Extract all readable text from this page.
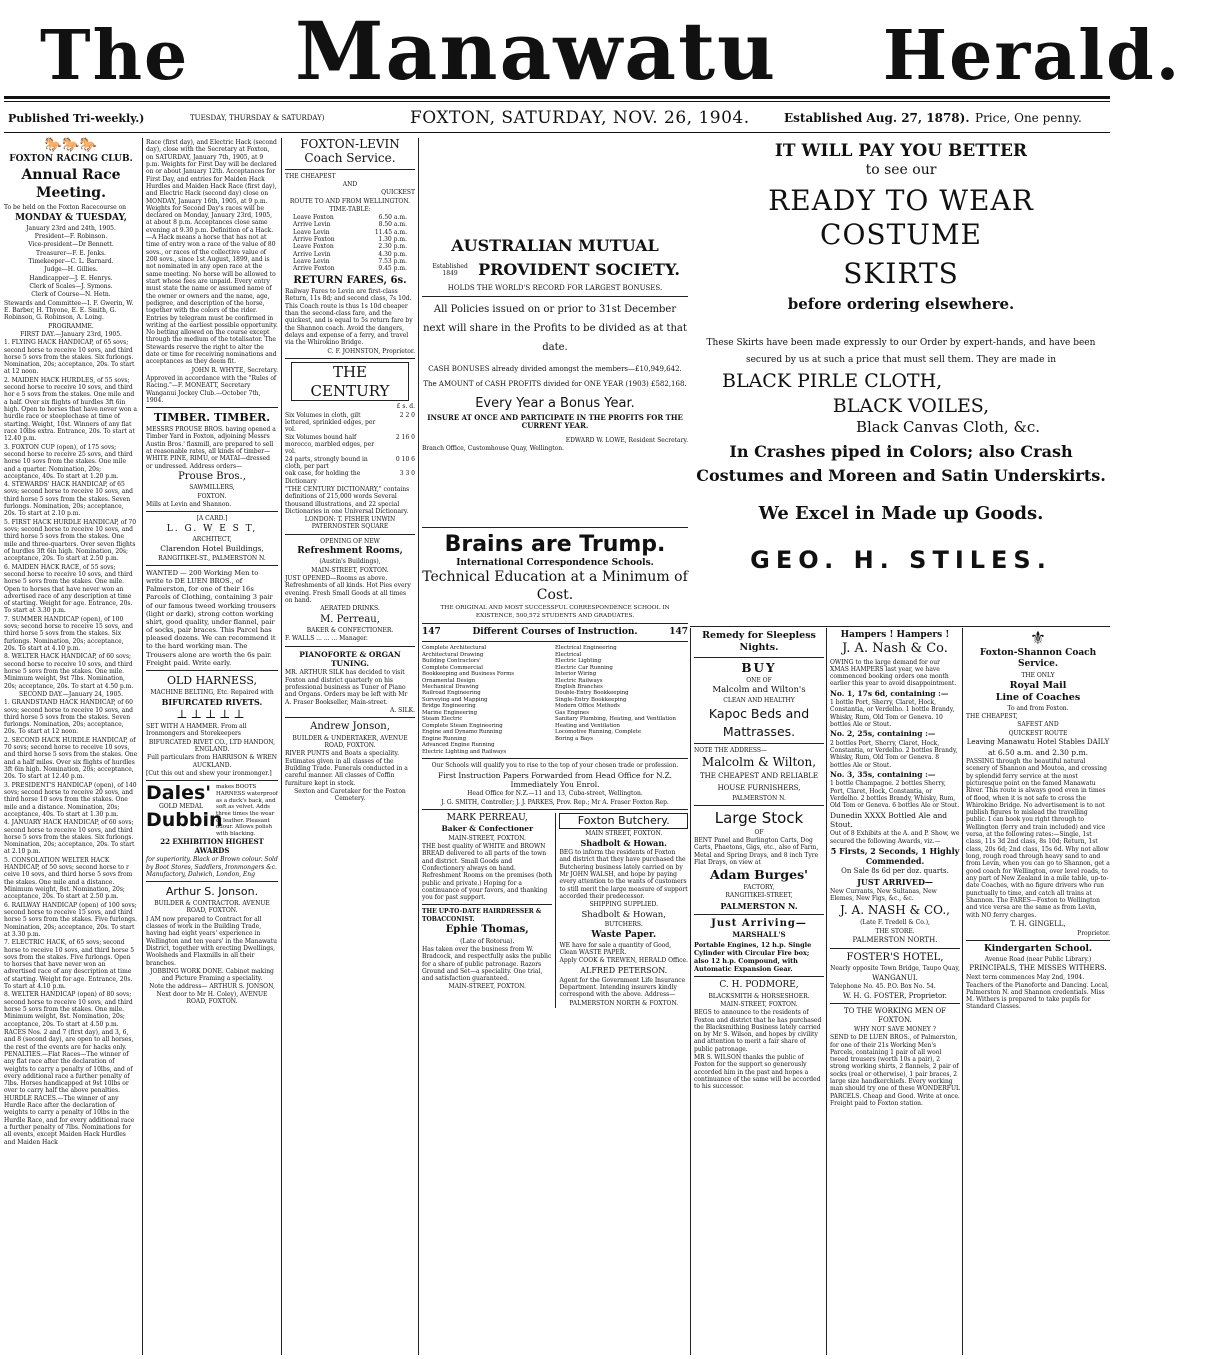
The Manawatu Herald.
Published Tri-weekly.)	TUESDAY, THURSDAY & SATURDAY)	FOXTON, SATURDAY, NOV. 26, 1904.	Established Aug. 27, 1878). Price, One penny.
🐎🐎🐎
FOXTON RACING CLUB.
Annual Race Meeting.

To be held on the Foxton Racecourse on

MONDAY & TUESDAY,

January 23rd and 24th, 1905.

President—F. Robinson.

Vice-president—Dr Bennett.

Treasurer—F. E. Jenks.

Timekeeper—C. L. Barnard.

Judge—H. Gillies.

Handicapper—J. E. Henrys.

Clerk of Scales—J. Symons.

Clerk of Course—N. Hetn.

Stewards and Committee—I. F. Gwerin, W. E. Barber, H. Thyone, E. E. Smith, G. Robinson, G. Robinson, A. Loing.

PROGRAMME.

FIRST DAY.—January 23rd, 1905.

1. FLYING HACK HANDICAP, of 65 sovs; second horse to receive 10 sovs, and third horse 5 sovs from the stakes. Six furlongs. Nomination, 20s; acceptance, 20s. To start at 12 noon.

2. MAIDEN HACK HURDLES, of 55 sovs; second horse to receive 10 sovs, and third hor e 5 sovs from the stakes. One mile and a half. Over six flights of hurdles 3ft 6in high. Open to horses that have never won a hurdle race or steeplechase at time of starting. Weight, 10st. Winners of any flat race 10lbs extra. Entrance, 20s. To start at 12.40 p.m.

3. FOXTON CUP (open), of 175 sovs; second horse to receive 25 sovs, and third horse 10 sovs from the stakes. One mile and a quarter. Nomination, 20s; acceptance, 40s. To start at 1.20 p.m.

4. STEWARDS' HACK HANDICAP, of 65 sovs; second horse to receive 10 sovs, and third horse 5 sovs from the stakes. Seven furlongs. Nomination, 20s; acceptance, 20s. To start at 2.10 p.m.

5. FIRST HACK HURDLE HANDICAP, of 70 sovs; second horse to receive 10 sovs, and third horse 5 sovs from the stakes. One mile and three-quarters. Over seven flights of hurdles 3ft 6in high. Nomination, 20s; acceptance, 20s. To start at 2.50 p.m.

6. MAIDEN HACK RACE, of 55 sovs; second horse to receive 10 sovs, and third horse 5 sovs from the stakes. One mile. Open to horses that have never won an advertised race of any description at time of starting. Weight for age. Entrance, 20s. To start at 3.30 p.m.

7. SUMMER HANDICAP (open), of 100 sovs; second horse to receive 15 sovs, and third horse 5 sovs from the stakes. Six furlongs. Nomination, 20s; acceptance, 20s. To start at 4.10 p.m.

8. WELTER HACK HANDICAP, of 60 sovs; second horse to receive 10 sovs, and third horse 5 sovs from the stakes. One mile. Minimum weight, 9st 7lbs. Nomination, 20s; acceptance, 20s. To start at 4.50 p.m.

SECOND DAY.—January 24, 1905.

1. GRANDSTAND HACK HANDICAP, of 60 sovs; second horse to receive 10 sovs, and third horse 5 sovs from the stakes. Seven furlongs. Nomination, 20s; acceptance, 20s. To start at 12 noon.

2. SECOND HACK HURDLE HANDICAP, of 70 sovs; second horse to receive 10 sovs, and third horse 5 sovs from the stakes. One and a half miles. Over six flights of hurdles 3ft 6in high. Nomination, 20s; acceptance, 20s. To start at 12.40 p.m.

3. PRESIDENT'S HANDICAP (open), of 140 sovs; second horse to receive 20 sovs, and third horse 10 sovs from the stakes. One mile and a distance. Nomination, 20s; acceptance, 40s. To start at 1.30 p.m.

4. JANUARY HACK HANDICAP, of 60 sovs; second horse to receive 10 sovs, and third horse 5 sovs from the stakes. Six furlongs. Nomination, 20s; acceptance, 20s. To start at 2.10 p.m.

5. CONSOLATION WELTER HACK HANDICAP, of 50 sovs; second horse to r ceive 10 sovs, and third horse 5 sovs from the stakes. One mile and a distance. Minimum weight, 8st. Nomination, 20s; acceptance, 20s. To start at 2.50 p.m.

6. RAILWAY HANDICAP (open) of 100 sovs; second horse to receive 15 sovs, and third horse 5 sovs from the stakes. Five furlongs. Nomination, 20s; acceptance, 20s. To start at 3.30 p.m.

7. ELECTRIC HACK, of 65 sovs; second horse to receive 10 sovs, and third horse 5 sovs from the stakes. Five furlongs. Open to horses that have never won an advertised race of any description at time of starting. Weight for age. Entrance, 20s. To start at 4.10 p.m.

8. WELTER HANDICAP (open) of 80 sovs; second horse to receive 10 sovs, and third horse 5 sovs from the stakes. One mile. Minimum weight, 8st. Nomination, 20s; acceptance, 20s. To start at 4.50 p.m.

RACES Nos. 2 and 7 (first day), and 3, 6, and 8 (second day), are open to all horses, the rest of the events are for hacks only. PENALTIES.—Flat Races—The winner of any flat race after the declaration of weights to carry a penalty of 10lbs, and of every additional race a further penalty of 7lbs. Horses handicapped at 9st 10lbs or over to carry half the above penalties. HURDLE RACES.—The winner of any Hurdle Race after the declaration of weights to carry a penalty of 10lbs in the Hurdle Race, and for every additional race a further penalty of 7lbs. Nominations for all events, except Maiden Hack Hurdles and Maiden Hack

Race (first day), and Electric Hack (second day), close with the Secretary at Foxton, on SATURDAY, January 7th, 1905, at 9 p.m. Weights for First Day will be declared on or about January 12th. Acceptances for First Day, and entries for Maiden Hack Hurdles and Maiden Hack Race (first day), and Electric Hack (second day) close on MONDAY, January 16th, 1905, at 9 p.m. Weights for Second Day's races will be declared on Monday, January 23rd, 1905, at about 8 p.m. Acceptances close same evening at 9.30 p.m. Definition of a Hack.—A Hack means a horse that has not at time of entry won a race of the value of 80 sovs., or races of the collective value of 200 sovs., since 1st August, 1899, and is not nominated in any open race at the same meeting. No horse will be allowed to start whose fees are unpaid. Every entry must state the name or assumed name of the owner or owners and the name, age, pedigree, and description of the horse, together with the colors of the rider. Entries by telegram must be confirmed in writing at the earliest possible opportunity. No betting allowed on the course except through the medium of the totalisator. The Stewards reserve the right to alter the date or time for receiving nominations and acceptances as they deem fit.

JOHN R. WHYTE, Secretary.

Approved in accordance with the "Rules of Racing."—F. MONEATT, Secretary Wanganui Jockey Club.—October 7th, 1904.

TIMBER. TIMBER.

MESSRS PROUSE BROS. having opened a Timber Yard in Foxton, adjoining Messrs Austin Bros.' flaxmill, are prepared to sell at reasonable rates, all kinds of timber—WHITE PINE, RIMU, or MATAI—dressed or undressed. Address orders—

Prouse Bros.,

SAWMILLERS,

FOXTON.

Mills at Levin and Shannon.

[A CARD.]

L. G. W E S T,

ARCHITECT,

Clarendon Hotel Buildings,

RANGITIKEI-ST., PALMERSTON N.

WANTED — 200 Working Men to write to DE LUEN BROS., of Palmerston, for one of their 16s Parcels of Clothing, containing 3 pair of our famous tweed working trousers (light or dark), strong cotton working shirt, good quality, under flannel, pair of socks, pair braces. This Parcel has pleased dozens. We can recommend it to the hard working man. The Trousers alone are worth the 6s pair. Freight paid. Write early.

OLD HARNESS,

MACHINE BELTING, Etc. Repaired with

BIFURCATED RIVETS.
⊥⊥⊥⊥⊥

SET WITH A HAMMER. From all Ironmongers and Storekeepers

BIFURCATED RIVET CO., LTD HANDON, ENGLAND.

Full particulars from HARRISON & WREN AUCKLAND.

[Cut this out and shew your ironmonger.]

Dales'
GOLD MEDAL
Dubbin
makes BOOTS HARNESS waterproof as a duck's back, and soft as velvet. Adds three times the wear of leather. Pleasant odour. Allows polish with blacking.
22 EXHIBITION HIGHEST AWARDS

for superiority. Black or Brown colour. Sold by Boot Stores, Saddlers, Ironmongers &c. Manufactory, Dalwich, London, Eng

Arthur S. Jonson.

BUILDER & CONTRACTOR. AVENUE ROAD, FOXTON.

I AM now prepared to Contract for all classes of work in the Building Trade, having had eight years' experience in Wellington and ten years' in the Manawatu District, together with erecting Dwellings, Woolsheds and Flaxmills in all their branches.

JOBBING WORK DONE. Cabinet making and Picture Framing a speciality.

Note the address— ARTHUR S. JONSON, Next door to Mr H. Coley), AVENUE ROAD, FOXTON.

FOXTON-LEVIN Coach Service.

THE CHEAPEST

AND

QUICKEST

ROUTE TO AND FROM WELLINGTON.

TIME-TABLE:

Leave Foxton	6.50 a.m.
Arrive Levin	8.50 a.m.
Leave Levin	11.45 a.m.
Arrive Foxton	1.30 p.m.
Leave Foxton	2.30 p.m.
Arrive Levin	4.30 p.m.
Leave Levin	7.53 p.m.
Arrive Foxton	9.45 p.m.
RETURN FARES, 6s.

Railway Fares to Levin are first-class Return, 11s 8d; and second class, 7s 10d. This Coach route is thus 1s 10d cheaper than the second-class fare, and the quickest, and is equal to 5s return fare by the Shannon coach. Avoid the dangers, delays and expense of a ferry, and travel via the Whirokino Bridge.

C. F. JOHNSTON, Proprietor.

THE CENTURY

£ s. d.

Six Volumes in cloth, gilt lettered, sprinkled edges, per vol.
2 2 0
Six Volumes bound half morocco, marbled edges, per vol.
2 16 0
24 parts, strongly bound in cloth, per part
0 10 6
oak case, for holding the Dictionary
3 3 0

"THE CENTURY DICTIONARY," contains definitions of 215,000 words Several thousand illustrations, and 22 special Dictionaries in one Universal Dictionary.

LONDON: T. FISHER UNWIN PATERNOSTER SQUARE

OPENING OF NEW

Refreshment Rooms,

(Austin's Buildings),

MAIN-STREET, FOXTON.

JUST OPENED—Rooms as above. Refreshments of all kinds. Hot Pies every evening. Fresh Small Goods at all times on hand.

AERATED DRINKS.

M. Perreau,

BAKER & CONFECTIONER.

F. WALLS ... ... ... Manager.

PIANOFORTE & ORGAN TUNING.

MR. ARTHUR SILK has decided to visit Foxton and district quarterly on his professional business as Tuner of Piano and Organs. Orders may be left with Mr A. Fraser Bookseller, Main-street.

A. SILK.

Andrew Jonson,

BUILDER & UNDERTAKER, AVENUE ROAD, FOXTON.

RIVER PUNTS and Boats a speciality. Estimates given in all classes of the Building Trade. Funerals conducted in a careful manner. All classes of Coffin furniture kept in stock.

Sexton and Caretaker for the Foxton Cemetery.

AUSTRALIAN MUTUAL
Established 1849	PROVIDENT SOCIETY.

HOLDS THE WORLD'S RECORD FOR LARGEST BONUSES.

All Policies issued on or prior to 31st December next will share in the Profits to be divided as at that date.

CASH BONUSES already divided amongst the members—£10,949,642.

The AMOUNT of CASH PROFITS divided for ONE YEAR (1903) £582,168.

Every Year a Bonus Year.

INSURE AT ONCE AND PARTICIPATE IN THE PROFITS FOR THE CURRENT YEAR.

EDWARD W. LOWE, Resident Secretary.

Branch Office, Customhouse Quay, Wellington.

Brains are Trump.
International Correspondence Schools.
Technical Education at a Minimum of Cost.

THE ORIGINAL AND MOST SUCCESSFUL CORRESPONDENCE SCHOOL IN EXISTENCE, 500,572 STUDENTS AND GRADUATES.

147	Different Courses of Instruction.	147
Complete Architectural
Architectural Drawing
Building Contractors'
Complete Commercial
Bookkeeping and Business Forms
Ornamental Design
Mechanical Drawing
Railroad Engineering
Surveying and Mapping
Bridge Engineering
Marine Engineering
Steam Electric
Complete Steam Engineering
Engine and Dynamo Running
Engine Running
Advanced Engine Running
Electric Lighting and Railways
Electrical Engineering
Electrical
Electric Lighting
Electric Car Running
Interior Wiring
Electric Railways
English Branches
Double-Entry Bookkeeping
Single-Entry Bookkeeping
Modern Office Methods
Gas Engines
Sanitary Plumbing, Heating, and Ventilation
Heating and Ventilation
Locomotive Running, Complete
Boring a Bays

Our Schools will qualify you to rise to the top of your chosen trade or profession.

First Instruction Papers Forwarded from Head Office for N.Z. Immediately You Enrol.

Head Office for N.Z.—11 and 13, Cuba-street, Wellington.

J. G. SMITH, Controller; J. J. PARKES, Prov. Rep.; Mr A. Fraser Foxton Rep.

MARK PERREAU,
Baker & Confectioner

MAIN-STREET, FOXTON.

THE best quality of WHITE and BROWN BREAD delivered to all parts of the town and district. Small Goods and Confectionery always on hand. Refreshment Rooms on the premises (both public and private.) Hoping for a continuance of your favors, and thanking you for past support.

THE UP-TO-DATE HAIRDRESSER & TOBACCONIST.

Ephie Thomas,

(Late of Rotorua).

Has taken over the business from W. Bradcock, and respectfully asks the public for a share of public patronage. Razors Ground and Set—a speciality. One trial, and satisfaction guaranteed.

MAIN-STREET, FOXTON.

Foxton Butchery.

MAIN STREET, FOXTON.

Shadbolt & Howan.

BEG to inform the residents of Foxton and district that they have purchased the Butchering business lately carried on by Mr JOHN WALSH, and hope by paying every attention to the wants of customers to still merit the large measure of support accorded their predecessor.

SHIPPING SUPPLIED.

Shadbolt & Howan,

BUTCHERS.

Waste Paper.

WE have for sale a quantity of Good, Clean WASTE PAPER.

Apply COOK & TREWEN, HERALD Office.

ALFRED PETERSON.

Agent for the Government Life Insurance Department. Intending insurers kindly correspond with the above. Address—

PALMERSTON NORTH & FOXTON.

IT WILL PAY YOU BETTER
to see our
READY TO WEAR COSTUME
SKIRTS
before ordering elsewhere.

These Skirts have been made expressly to our Order by expert-hands, and have been secured by us at such a price that must sell them. They are made in

BLACK PIRLE CLOTH,
BLACK VOILES,
Black Canvas Cloth, &c.
In Crashes piped in Colors; also Crash Costumes and Moreen and Satin Underskirts.
We Excel in Made up Goods.
GEO. H. STILES.
Remedy for Sleepless Nights.
BUY

ONE OF

Malcolm and Wilton's

CLEAN AND HEALTHY

Kapoc Beds and Mattrasses.

NOTE THE ADDRESS—

Malcolm & Wilton,

THE CHEAPEST AND RELIABLE HOUSE FURNISHERS,

PALMERSTON N.

Large Stock

OF

BENT Panel and Burlington Carts, Dog Carts, Phaetons, Gigs, etc., also of Farm, Metal and Spring Drays, and 8 inch Tyre Flat Drays, on view at

Adam Burges'

FACTORY,

RANGITIKEI-STREET,

PALMERSTON N.

Just Arriving—

MARSHALL'S

Portable Engines, 12 h.p. Single Cylinder with Circular Fire box; also 12 h.p. Compound, with Automatic Expansion Gear.

C. H. PODMORE,

BLACKSMITH & HORSESHOER.

MAIN-STREET, FOXTON.

BEGS to announce to the residents of Foxton and district that he has purchased the Blacksmithing Business lately carried on by Mr S. Wilson, and hopes by civility and attention to merit a fair share of public patronage.

MR S. WILSON thanks the public of Foxton for the support so generously accorded him in the past and hopes a continuance of the same will be accorded to his successor.

Hampers ! Hampers !
J. A. Nash & Co.

OWING to the large demand for our XMAS HAMPERS last year, we have commenced booking orders one month earlier this year to avoid disappointment.

No. 1, 17s 6d, containing :—

1 bottle Port, Sherry, Claret, Hock, Constantia, or Verdelho. 1 bottle Brandy, Whisky, Rum, Old Tom or Geneva. 10 bottles Ale or Stout.

No. 2, 25s, containing :—

2 bottles Port, Sherry, Claret, Hock, Constantia, or Verdelho. 2 bottles Brandy, Whisky, Rum, Old Tom or Geneva. 8 bottles Ale or Stout.

No. 3, 35s, containing :—

1 bottle Champagne. 2 bottles Sherry, Port, Claret, Hock, Constantia, or Verdelho. 2 bottles Brandy, Whisky, Rum, Old Tom or Geneva. 6 bottles Ale or Stout.

Dunedin XXXX Bottled Ale and Stout.

Out of 8 Exhibits at the A. and P. Show, we secured the following Awards, viz.—

5 Firsts, 2 Seconds, 1 Highly Commended.

On Sale 8s 6d per doz. quarts.

JUST ARRIVED—

New Currants, New Sultanas, New Elemes, New Figs, &c., &c.

J. A. NASH & CO.,

(Late F. Tredell & Co.),

THE STORE.

PALMERSTON NORTH.

FOSTER'S HOTEL,

Nearly opposite Town Bridge, Taupo Quay,

WANGANUI.

Telephone No. 45. P.O. Box No. 54.

W. H. G. FOSTER, Proprietor.

TO THE WORKING MEN OF FOXTON.

WHY NOT SAVE MONEY ?

SEND to DE LUEN BROS., of Palmerston, for one of their 21s Working Men's Parcels, containing 1 pair of all wool tweed trousers (worth 10s a pair), 2 strong working shirts, 2 flannels, 2 pair of socks (real or otherwise), 1 pair braces, 2 large size handkerchiefs. Every working man should try one of these WONDERFUL PARCELS. Cheap and Good. Write at once. Freight paid to Foxton station.

⚜
Foxton-Shannon Coach Service.

THE ONLY

Royal Mail
Line of Coaches

To and from Foxton.

THE CHEAPEST,

SAFEST AND

QUICKEST ROUTE

Leaving Manawatu Hotel Stables DAILY

at 6.50 a.m. and 2.30 p.m.

PASSING through the beautiful natural scenery of Shannon and Moutoa, and crossing by splendid ferry service at the most picturesque point on the famed Manawatu River. This route is always good even in times of flood, when it is not safe to cross the Whirokino Bridge. No advertisement is to not publish figures to mislead the travelling public. I can book you right through to Wellington (ferry and train included) and vice versa, at the following rates:—Single, 1st class, 11s 3d 2nd class, 8s 10d; Return, 1st class, 20s 6d; 2nd class, 15s 6d. Why not allow long, rough road through heavy sand to and from Levin, when you can go to Shannon, get a good coach for Wellington, over level roads, to any part of New Zealand in a mile table, up-to-date Coaches, with no figure drivers who run punctually to time, and catch all trains at Shannon. The FARES—Foxton to Wellington and vice versa are the same as from Levin, with NO ferry charges.

T. H. GINGELL,

Proprietor.

Kindergarten School.

Avenue Road (near Public Library.)

PRINCIPALS, THE MISSES WITHERS.

Next term commences May 2nd, 1904. Teachers of the Pianoforte and Dancing. Local, Palmerston N. and Shannon credentials. Miss M. Withers is prepared to take pupils for Standard Classes.
